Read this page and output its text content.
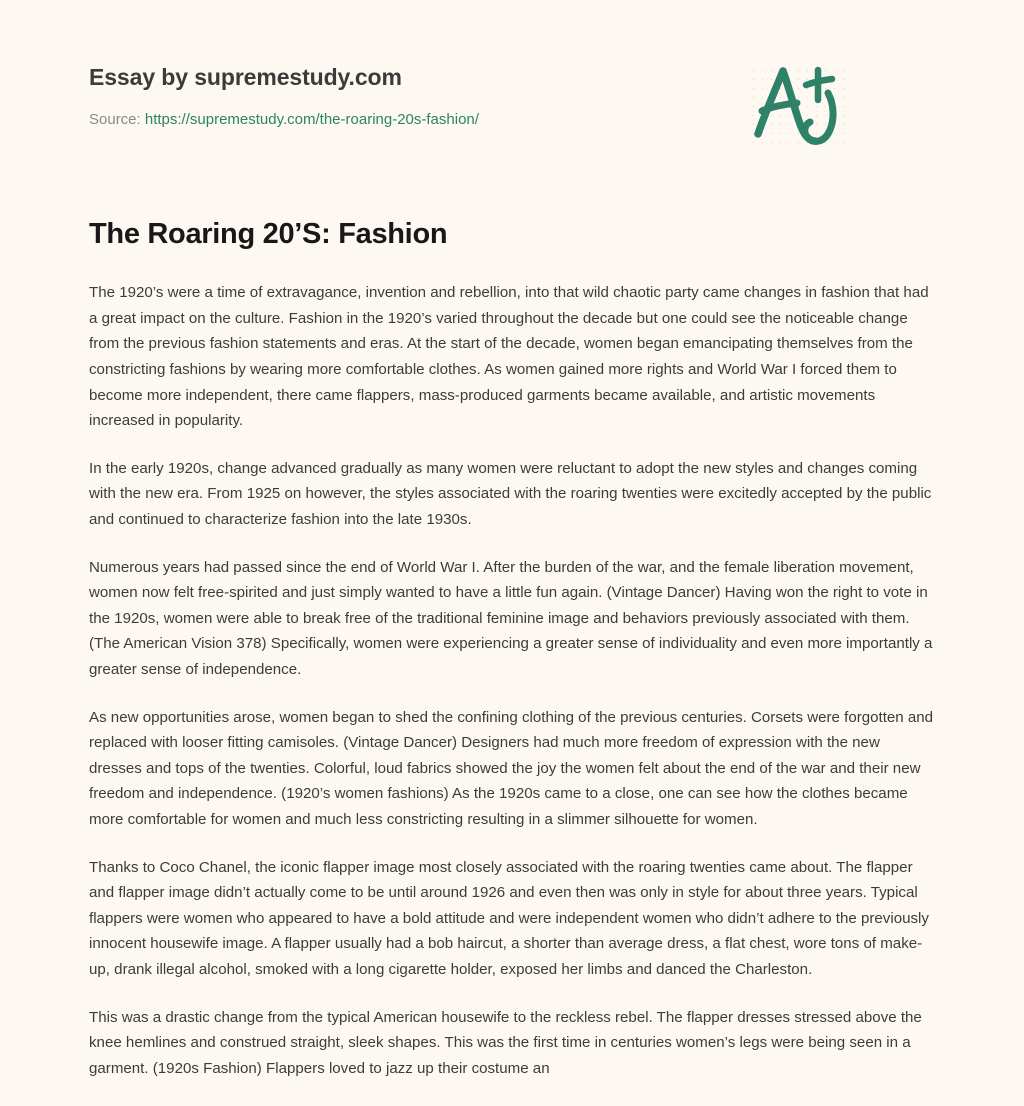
Essay by supremestudy.com
Source: https://supremestudy.com/the-roaring-20s-fashion/
The Roaring 20’S: Fashion

The 1920’s were a time of extravagance, invention and rebellion, into that wild chaotic party came changes in fashion that had a great impact on the culture. Fashion in the 1920’s varied throughout the decade but one could see the noticeable change from the previous fashion statements and eras. At the start of the decade, women began emancipating themselves from the constricting fashions by wearing more comfortable clothes. As women gained more rights and World War I forced them to become more independent, there came flappers, mass-produced garments became available, and artistic movements increased in popularity.

In the early 1920s, change advanced gradually as many women were reluctant to adopt the new styles and changes coming with the new era. From 1925 on however, the styles associated with the roaring twenties were excitedly accepted by the public and continued to characterize fashion into the late 1930s.

Numerous years had passed since the end of World War I. After the burden of the war, and the female liberation movement, women now felt free-spirited and just simply wanted to have a little fun again. (Vintage Dancer) Having won the right to vote in the 1920s, women were able to break free of the traditional feminine image and behaviors previously associated with them. (The American Vision 378) Specifically, women were experiencing a greater sense of individuality and even more importantly a greater sense of independence.

As new opportunities arose, women began to shed the confining clothing of the previous centuries. Corsets were forgotten and replaced with looser fitting camisoles. (Vintage Dancer) Designers had much more freedom of expression with the new dresses and tops of the twenties. Colorful, loud fabrics showed the joy the women felt about the end of the war and their new freedom and independence. (1920’s women fashions) As the 1920s came to a close, one can see how the clothes became more comfortable for women and much less constricting resulting in a slimmer silhouette for women.

Thanks to Coco Chanel, the iconic flapper image most closely associated with the roaring twenties came about. The flapper and flapper image didn’t actually come to be until around 1926 and even then was only in style for about three years. Typical flappers were women who appeared to have a bold attitude and were independent women who didn’t adhere to the previously innocent housewife image. A flapper usually had a bob haircut, a shorter than average dress, a flat chest, wore tons of make-up, drank illegal alcohol, smoked with a long cigarette holder, exposed her limbs and danced the Charleston.

This was a drastic change from the typical American housewife to the reckless rebel. The flapper dresses stressed above the knee hemlines and construed straight, sleek shapes. This was the first time in centuries women’s legs were being seen in a garment. (1920s Fashion) Flappers loved to jazz up their costume an
